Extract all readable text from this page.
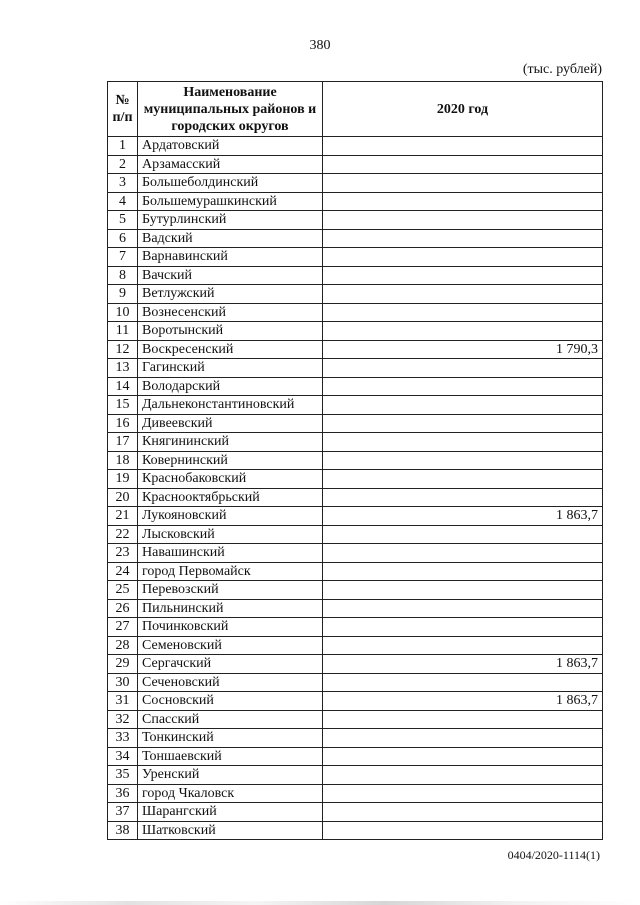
380
(тыс. рублей)
№ п/п	Наименование муниципальных районов и городских округов	2020 год
1	Ардатовский	
2	Арзамасский	
3	Большеболдинский	
4	Большемурашкинский	
5	Бутурлинский	
6	Вадский	
7	Варнавинский	
8	Вачский	
9	Ветлужский	
10	Вознесенский	
11	Воротынский	
12	Воскресенский	1 790,3
13	Гагинский	
14	Володарский	
15	Дальнеконстантиновский	
16	Дивеевский	
17	Княгининский	
18	Ковернинский	
19	Краснобаковский	
20	Краснооктябрьский	
21	Лукояновский	1 863,7
22	Лысковский	
23	Навашинский	
24	город Первомайск	
25	Перевозский	
26	Пильнинский	
27	Починковский	
28	Семеновский	
29	Сергачский	1 863,7
30	Сеченовский	
31	Сосновский	1 863,7
32	Спасский	
33	Тонкинский	
34	Тоншаевский	
35	Уренский	
36	город Чкаловск	
37	Шарангский	
38	Шатковский	
0404/2020-1114(1)
